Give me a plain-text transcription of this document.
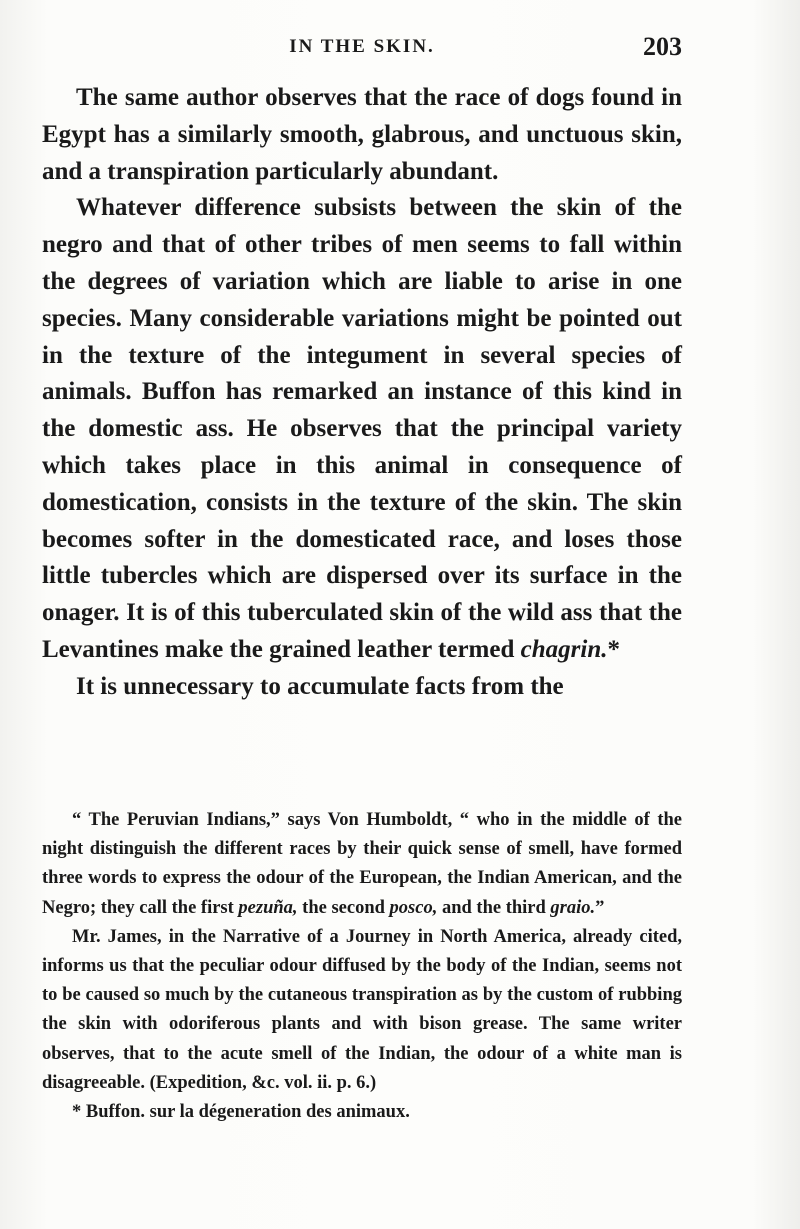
IN THE SKIN.	203

The same author observes that the race of dogs found in Egypt has a similarly smooth, glabrous, and unctuous skin, and a transpiration particularly abundant.

Whatever difference subsists between the skin of the negro and that of other tribes of men seems to fall within the degrees of variation which are liable to arise in one species. Many considerable variations might be pointed out in the texture of the integument in several species of animals. Buffon has remarked an instance of this kind in the domestic ass. He observes that the principal variety which takes place in this animal in consequence of domestication, consists in the texture of the skin. The skin becomes softer in the domesticated race, and loses those little tubercles which are dispersed over its surface in the onager. It is of this tuberculated skin of the wild ass that the Levantines make the grained leather termed chagrin.*

It is unnecessary to accumulate facts from the

“ The Peruvian Indians,” says Von Humboldt, “ who in the middle of the night distinguish the different races by their quick sense of smell, have formed three words to express the odour of the European, the Indian American, and the Negro; they call the first pezuña, the second posco, and the third graio.”

Mr. James, in the Narrative of a Journey in North America, already cited, informs us that the peculiar odour diffused by the body of the Indian, seems not to be caused so much by the cutaneous transpiration as by the custom of rubbing the skin with odoriferous plants and with bison grease. The same writer observes, that to the acute smell of the Indian, the odour of a white man is disagreeable. (Expedition, &c. vol. ii. p. 6.)

* Buffon. sur la dégeneration des animaux.
